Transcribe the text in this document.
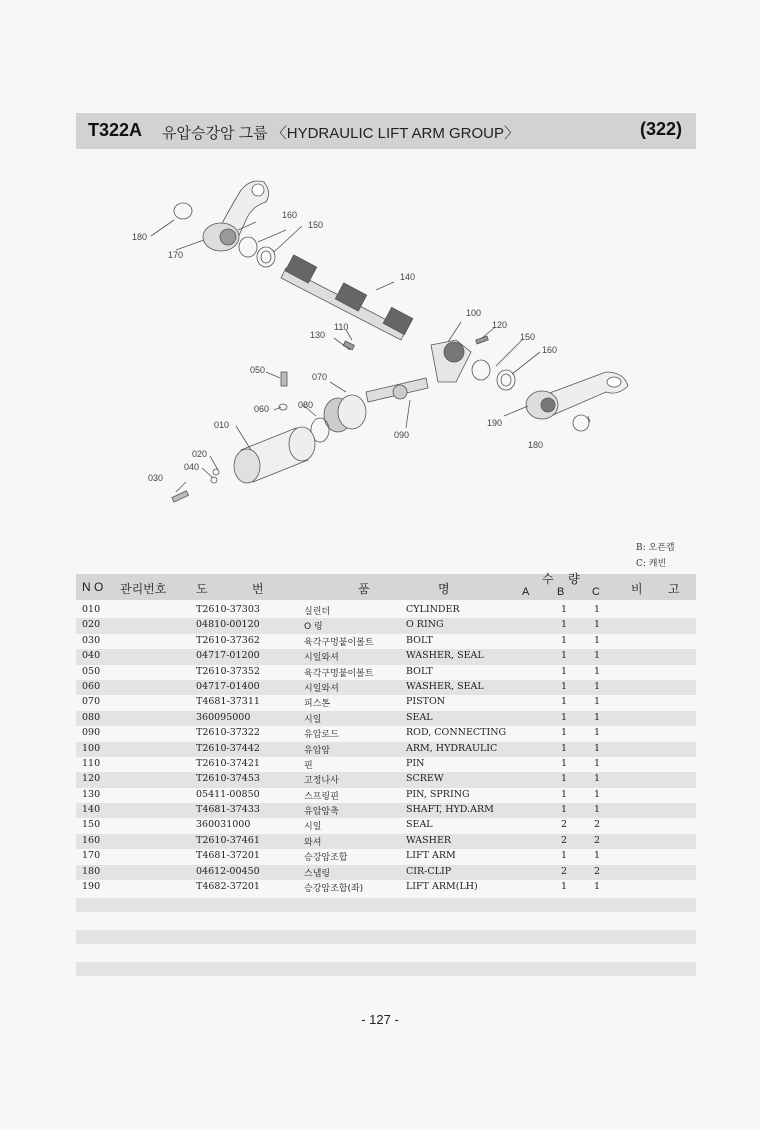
T322A 유압승강암 그룹 〈HYDRAULIC LIFT ARM GROUP〉	(322)
180
160
150
170
140
100
120
110
130	150
160
050
070
080
060
010
090
190
180
020
040
030
B: 오픈캡
C: 캐빈
N O 관리번호 도	번	품	명
수 량
A	B	C	비 고
010	T2610-37303	실린더	CYLINDER	1	1
020	04810-00120	O 링	O RING	1	1
030	T2610-37362	육각구멍붙이볼트	BOLT	1	1
040	04717-01200	시일와셔	WASHER, SEAL	1	1
050	T2610-37352	육각구멍붙이볼트	BOLT	1	1
060	04717-01400	시일와셔	WASHER, SEAL	1	1
070	T4681-37311	피스톤	PISTON	1	1
080	360095000	시일	SEAL	1	1
090	T2610-37322	유압로드	ROD, CONNECTING	1	1
100	T2610-37442	유압암	ARM, HYDRAULIC	1	1
110	T2610-37421	핀	PIN	1	1
120	T2610-37453	고정나사	SCREW	1	1
130	05411-00850	스프링핀	PIN, SPRING	1	1
140	T4681-37433	유압암축	SHAFT, HYD.ARM	1	1
150	360031000	시일	SEAL	2	2
160	T2610-37461	와셔	WASHER	2	2
170	T4681-37201	승강암조합	LIFT ARM	1	1
180	04612-00450	스냅링	CIR-CLIP	2	2
190	T4682-37201	승강암조합(좌)	LIFT ARM(LH)	1	1
- 127 -
